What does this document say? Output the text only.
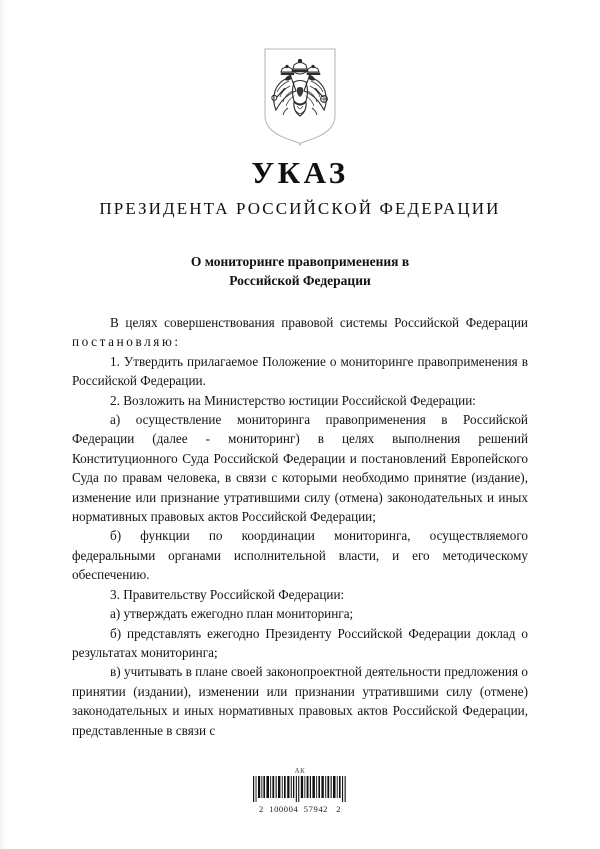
УКАЗ
ПРЕЗИДЕНТА РОССИЙСКОЙ ФЕДЕРАЦИИ
О мониторинге правоприменения в
Российской Федерации

В целях совершенствования правовой системы Российской Федерации постановляю:

1. Утвердить прилагаемое Положение о мониторинге правоприменения в Российской Федерации.

2. Возложить на Министерство юстиции Российской Федерации:

а) осуществление мониторинга правоприменения в Российской Федерации (далее - мониторинг) в целях выполнения решений Конституционного Суда Российской Федерации и постановлений Европейского Суда по правам человека, в связи с которыми необходимо принятие (издание), изменение или признание утратившими силу (отмена) законодательных и иных нормативных правовых актов Российской Федерации;

б) функции по координации мониторинга, осуществляемого федеральными органами исполнительной власти, и его методическому обеспечению.

3. Правительству Российской Федерации:

а) утверждать ежегодно план мониторинга;

б) представлять ежегодно Президенту Российской Федерации доклад о результатах мониторинга;

в) учитывать в плане своей законопроектной деятельности предложения о принятии (издании), изменении или признании утратившими силу (отмене) законодательных и иных нормативных правовых актов Российской Федерации, представленные в связи с

АК
2  100004  57942   2
